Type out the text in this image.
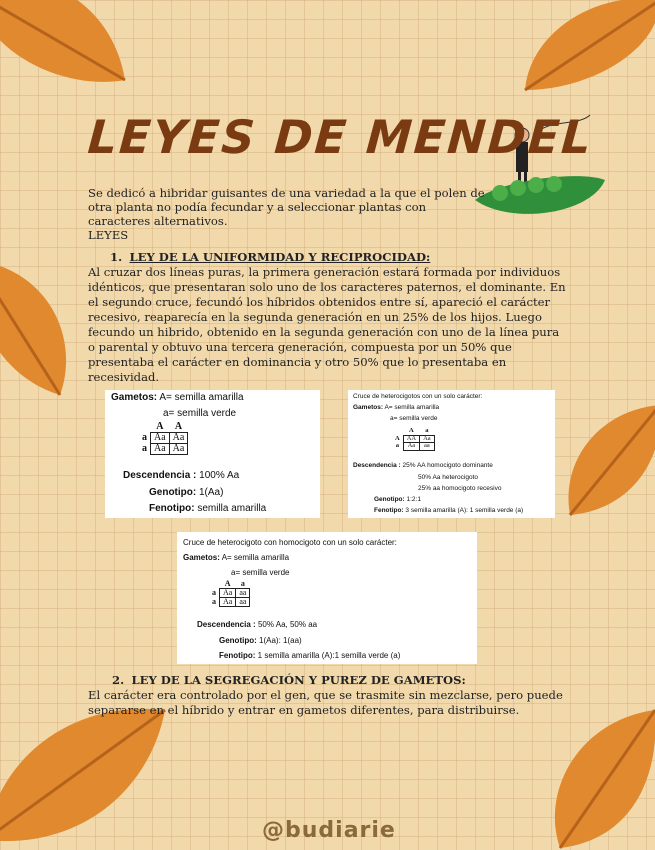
LEYES DE MENDEL
Se dedicó a hibridar guisantes de una variedad a la que el polen de otra planta no podía fecundar y a seleccionar plantas con caracteres alternativos.
LEYES
1. LEY DE LA UNIFORMIDAD Y RECIPROCIDAD:
Al cruzar dos líneas puras, la primera generación estará formada por individuos idénticos, que presentaran solo uno de los caracteres paternos, el dominante. En el segundo cruce, fecundó los híbridos obtenidos entre sí, apareció el carácter recesivo, reaparecía en la segunda generación en un 25% de los hijos. Luego fecundo un hibrido, obtenido en la segunda generación con uno de la línea pura o parental y obtuvo una tercera generación, compuesta por un 50% que presentaba el carácter en dominancia y otro 50% que lo presentaba en recesividad.
Gametos: A= semilla amarilla
a= semilla verde
	A	A
a	Aa	Aa
a	Aa	Aa
Descendencia : 100% Aa
Genotipo: 1(Aa)
Fenotipo: semilla amarilla
Cruce de heterocigotos con un solo carácter:
Gametos: A= semilla amarilla
a= semilla verde
	A	a
A	AA	Aa
a	Aa	aa
Descendencia : 25% AA homocigoto dominante
50% Aa heterocigoto
25% aa homocigoto recesivo
Genotipo: 1:2:1
Fenotipo: 3 semilla amarilla (A): 1 semilla verde (a)
Cruce de heterocigoto con homocigoto con un solo carácter:
Gametos: A= semilla amarilla
a= semilla verde
	A	a
a	Aa	aa
a	Aa	aa
Descendencia : 50% Aa, 50% aa
Genotipo: 1(Aa): 1(aa)
Fenotipo: 1 semilla amarilla (A):1 semilla verde (a)
2. LEY DE LA SEGREGACIÓN Y PUREZ DE GAMETOS:
El carácter era controlado por el gen, que se trasmite sin mezclarse, pero puede separarse en el híbrido y entrar en gametos diferentes, para distribuirse.
@budiarie
